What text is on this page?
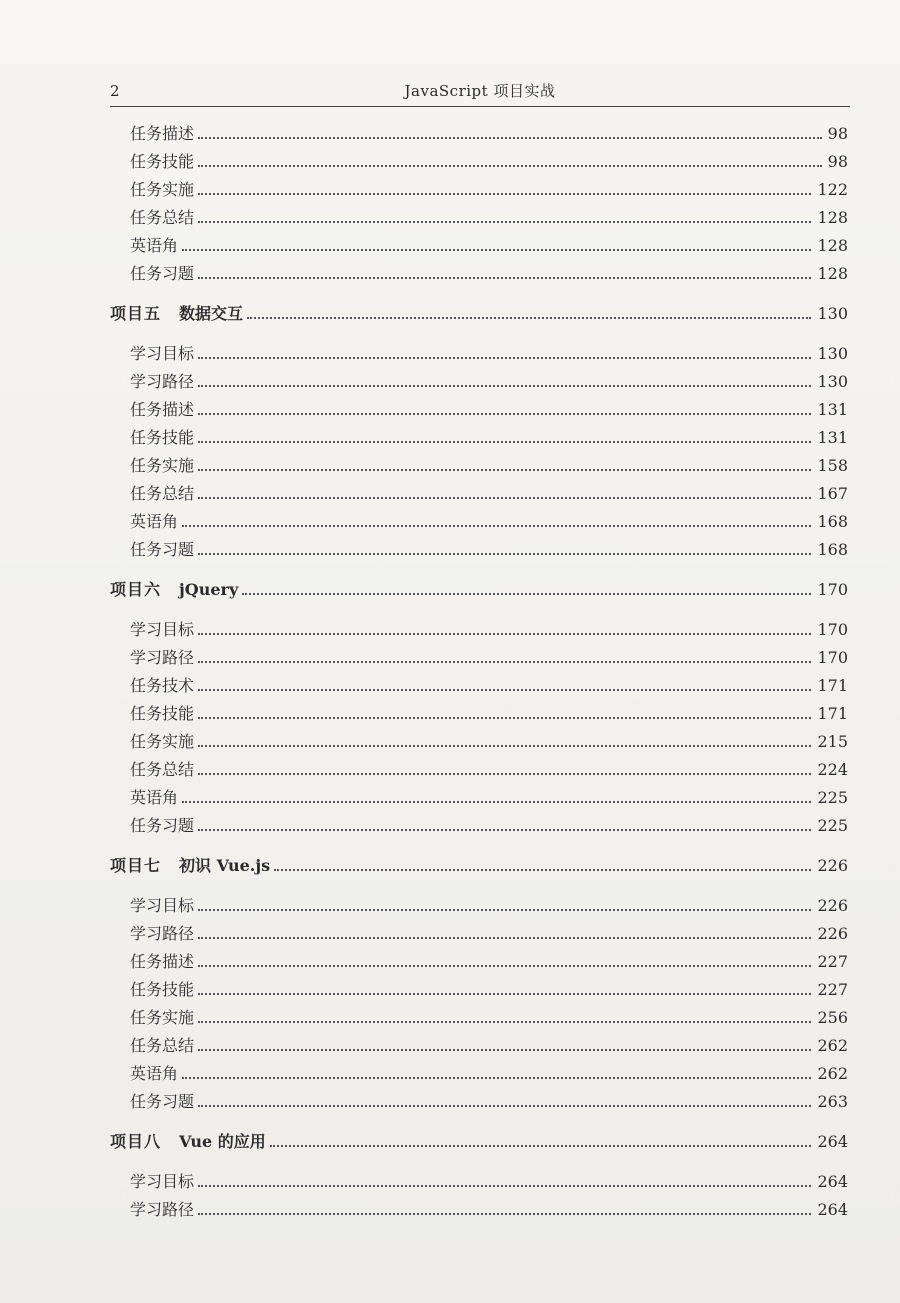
2	JavaScript 项目实战
任务描述	98
任务技能	98
任务实施	122
任务总结	128
英语角	128
任务习题	128
项目五 数据交互	130
学习目标	130
学习路径	130
任务描述	131
任务技能	131
任务实施	158
任务总结	167
英语角	168
任务习题	168
项目六 jQuery	170
学习目标	170
学习路径	170
任务技术	171
任务技能	171
任务实施	215
任务总结	224
英语角	225
任务习题	225
项目七 初识 Vue.js	226
学习目标	226
学习路径	226
任务描述	227
任务技能	227
任务实施	256
任务总结	262
英语角	262
任务习题	263
项目八 Vue 的应用	264
学习目标	264
学习路径	264
